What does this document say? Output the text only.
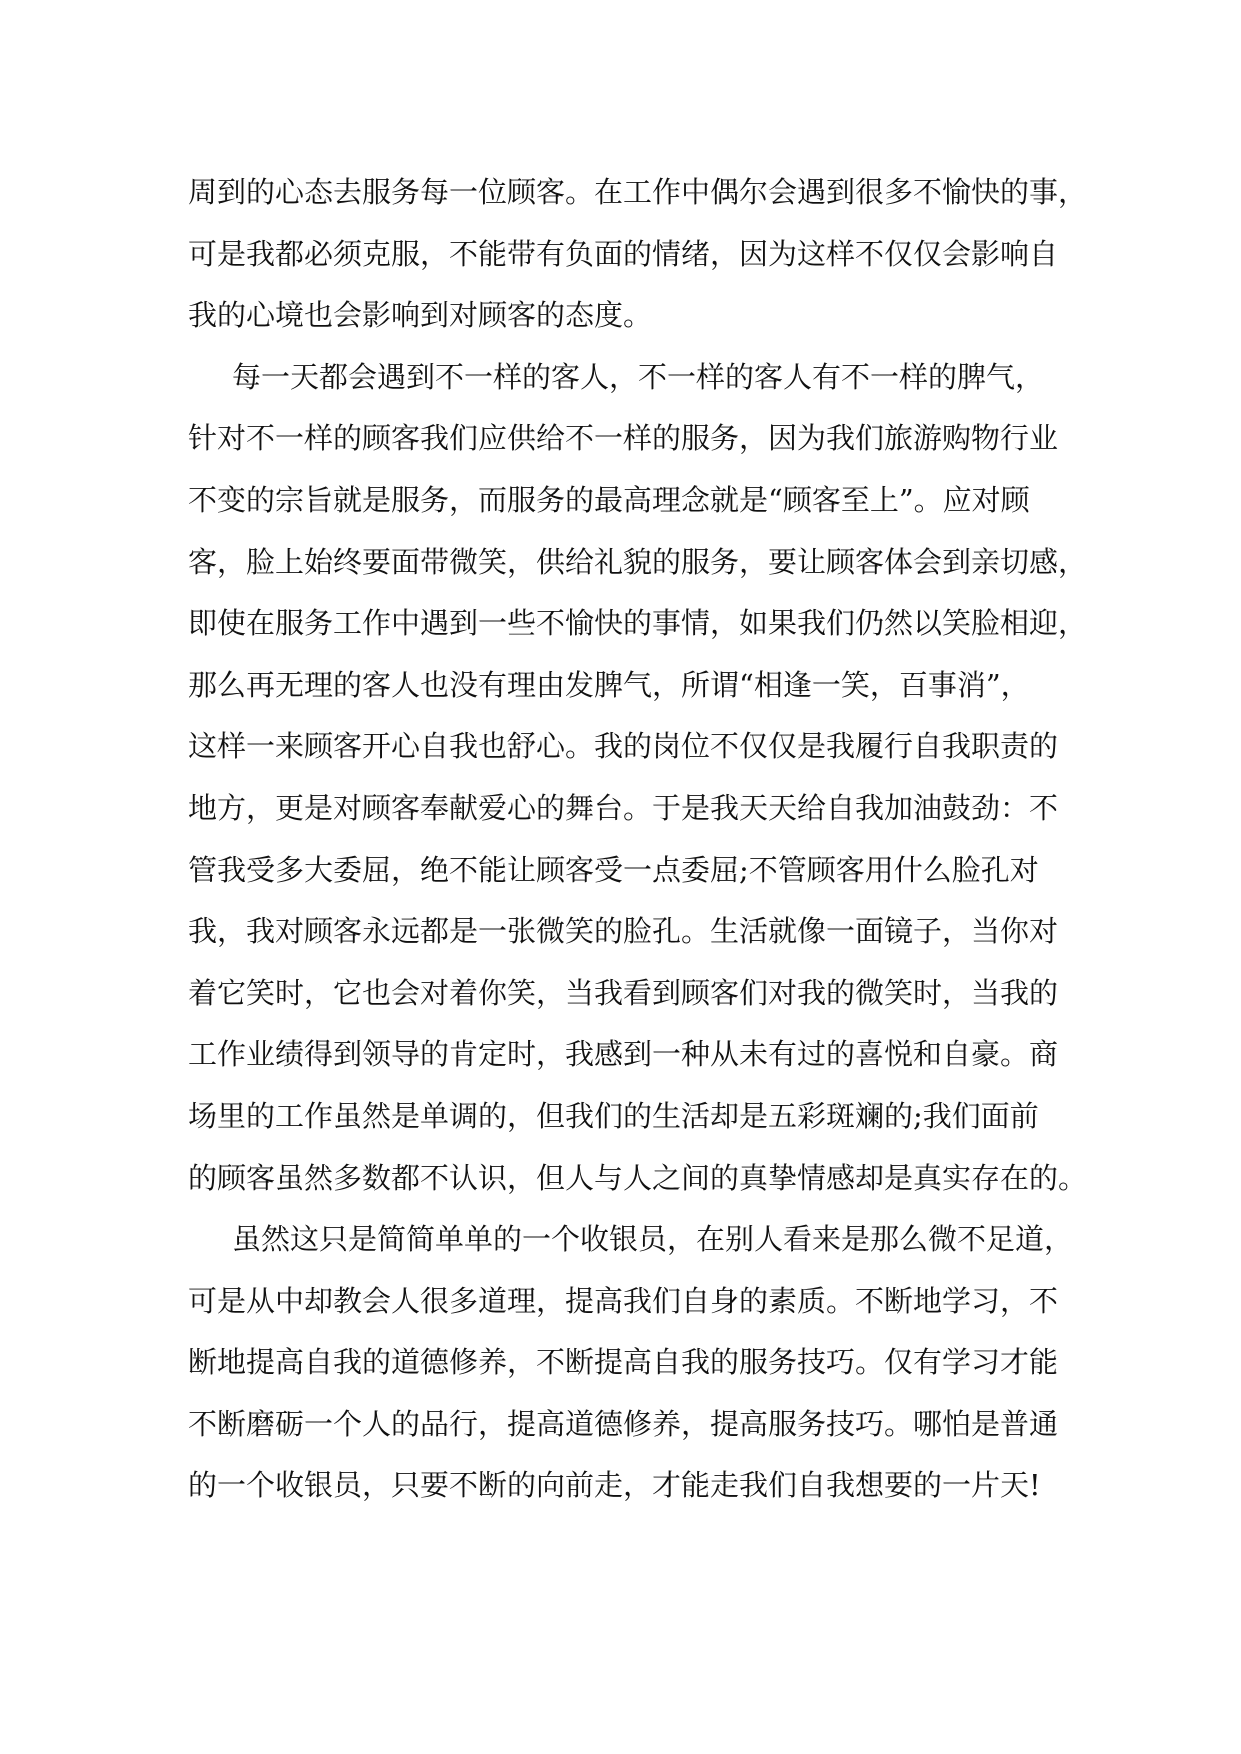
周到的心态去服务每一位顾客。在工作中偶尔会遇到很多不愉快的事，
可是我都必须克服，不能带有负面的情绪，因为这样不仅仅会影响自
我的心境也会影响到对顾客的态度。
每一天都会遇到不一样的客人，不一样的客人有不一样的脾气，
针对不一样的顾客我们应供给不一样的服务，因为我们旅游购物行业
不变的宗旨就是服务，而服务的最高理念就是“顾客至上”。应对顾
客，脸上始终要面带微笑，供给礼貌的服务，要让顾客体会到亲切感，
即使在服务工作中遇到一些不愉快的事情，如果我们仍然以笑脸相迎，
那么再无理的客人也没有理由发脾气，所谓“相逢一笑，百事消”，
这样一来顾客开心自我也舒心。我的岗位不仅仅是我履行自我职责的
地方，更是对顾客奉献爱心的舞台。于是我天天给自我加油鼓劲：不
管我受多大委屈，绝不能让顾客受一点委屈;不管顾客用什么脸孔对
我，我对顾客永远都是一张微笑的脸孔。生活就像一面镜子，当你对
着它笑时，它也会对着你笑，当我看到顾客们对我的微笑时，当我的
工作业绩得到领导的肯定时，我感到一种从未有过的喜悦和自豪。商
场里的工作虽然是单调的，但我们的生活却是五彩斑斓的;我们面前
的顾客虽然多数都不认识，但人与人之间的真挚情感却是真实存在的。
虽然这只是简简单单的一个收银员，在别人看来是那么微不足道，
可是从中却教会人很多道理，提高我们自身的素质。不断地学习，不
断地提高自我的道德修养，不断提高自我的服务技巧。仅有学习才能
不断磨砺一个人的品行，提高道德修养，提高服务技巧。哪怕是普通
的一个收银员，只要不断的向前走，才能走我们自我想要的一片天!
